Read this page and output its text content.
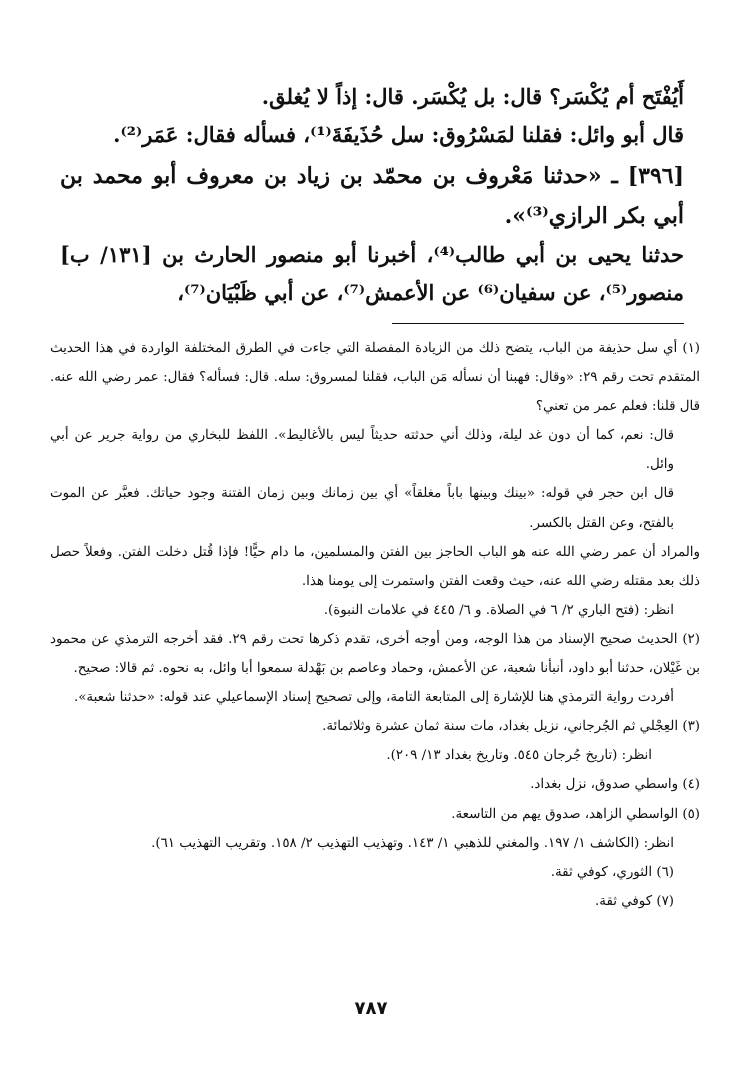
أَيُفْتَح أم يُكْسَر؟ قال: بل يُكْسَر. قال: إذاً لا يُغلق.

قال أبو وائل: فقلنا لمَسْرُوق: سل حُذَيفَةَ⁽¹⁾، فسأله فقال: عَمَر⁽²⁾.

[٣٩٦] ـ «حدثنا مَعْروف بن محمّد بن زياد بن معروف أبو محمد بن أبي بكر الرازي⁽³⁾».

حدثنا يحيى بن أبي طالب⁽⁴⁾، أخبرنا أبو منصور الحارث بن [١٣١/ ب] منصور⁽⁵⁾، عن سفيان⁽⁶⁾ عن الأعمش⁽⁷⁾، عن أبي ظَبْيَان⁽⁷⁾،

(١) أي سل حذيفة من الباب، يتضح ذلك من الزيادة المفصلة التي جاءت في الطرق المختلفة الواردة في هذا الحديث المتقدم تحت رقم ٢٩: «وقال: فهبنا أن نسأله مَن الباب، فقلنا لمسروق: سله. قال: فسأله؟ فقال: عمر رضي الله عنه. قال قلنا: فعلم عمر من تعني؟

قال: نعم، كما أن دون غد ليلة، وذلك أني حدثته حديثاً ليس بالأغاليط». اللفظ للبخاري من رواية جرير عن أبي وائل.

قال ابن حجر في قوله: «بينك وبينها باباً مغلقاً» أي بين زمانك وبين زمان الفتنة وجود حياتك. فعبَّر عن الموت بالفتح، وعن القتل بالكسر.

والمراد أن عمر رضي الله عنه هو الباب الحاجز بين الفتن والمسلمين، ما دام حيًّا! فإذا قُتل دخلت الفتن. وفعلاً حصل ذلك بعد مقتله رضي الله عنه، حيث وقعت الفتن واستمرت إلى يومنا هذا.

انظر: (فتح الباري ٢/ ٦ في الصلاة. و ٦/ ٤٤٥ في علامات النبوة).

(٢) الحديث صحيح الإسناد من هذا الوجه، ومن أوجه أخرى، تقدم ذكرها تحت رقم ٢٩. فقد أخرجه الترمذي عن محمود بن غَيْلان، حدثنا أبو داود، أنبأنا شعبة، عن الأعمش، وحماد وعاصم بن بَهْدلة سمعوا أبا وائل، به نحوه. ثم قالا: صحيح.

أفردت رواية الترمذي هنا للإشارة إلى المتابعة التامة، وإلى تصحيح إسناد الإسماعيلي عند قوله: «حدثنا شعبة».

(٣) العِجْلي ثم الجُرجاني، نزيل بغداد، مات سنة ثمان عشرة وثلاثمائة.

انظر: (تاريخ جُرجان ٥٤٥. وتاريخ بغداد ١٣/ ٢٠٩).

(٤) واسطي صدوق، نزل بغداد.

(٥) الواسطي الزاهد، صدوق يهم من التاسعة.

انظر: (الكاشف ١/ ١٩٧. والمغني للذهبي ١/ ١٤٣. وتهذيب التهذيب ٢/ ١٥٨. وتقريب التهذيب ٦١).

(٦) الثوري، كوفي ثقة.

(٧) كوفي ثقة.

٧٨٧
